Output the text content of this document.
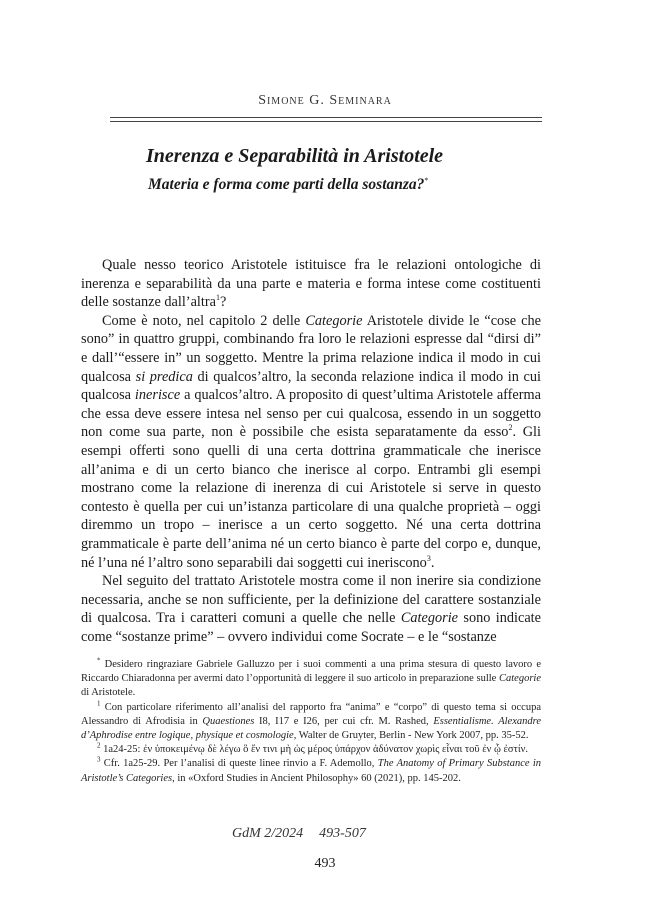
Simone G. Seminara
Inerenza e Separabilità in Aristotele
Materia e forma come parti della sostanza?*

Quale nesso teorico Aristotele istituisce fra le relazioni ontologiche di inerenza e separabilità da una parte e materia e forma intese come costituenti delle sostanze dall’altra$^1$?

Come è noto, nel capitolo 2 delle Categorie Aristotele divide le “cose che sono” in quattro gruppi, combinando fra loro le relazioni espresse dal “dirsi di” e dall’“essere in” un soggetto. Mentre la prima relazione indica il modo in cui qualcosa si predica di qualcos’altro, la seconda relazione indica il modo in cui qualcosa inerisce a qualcos’altro. A proposito di quest’ultima Aristotele afferma che essa deve essere intesa nel senso per cui qualcosa, essendo in un soggetto non come sua parte, non è possibile che esista separatamente da esso$^2$. Gli esempi offerti sono quelli di una certa dottrina grammaticale che inerisce all’anima e di un certo bianco che inerisce al corpo. Entrambi gli esempi mostrano come la relazione di inerenza di cui Aristotele si serve in questo contesto è quella per cui un’istanza particolare di una qualche proprietà – oggi diremmo un tropo – inerisce a un certo soggetto. Né una certa dottrina grammaticale è parte dell’anima né un certo bianco è parte del corpo e, dunque, né l’una né l’altro sono separabili dai soggetti cui ineriscono$^3$.

Nel seguito del trattato Aristotele mostra come il non inerire sia condizione necessaria, anche se non sufficiente, per la definizione del carattere sostanziale di qualcosa. Tra i caratteri comuni a quelle che nelle Categorie sono indicate come “sostanze prime” – ovvero individui come Socrate – e le “sostanze

* Desidero ringraziare Gabriele Galluzzo per i suoi commenti a una prima stesura di questo lavoro e Riccardo Chiaradonna per avermi dato l’opportunità di leggere il suo articolo in preparazione sulle Categorie di Aristotele.

$^1$ Con particolare riferimento all’analisi del rapporto fra “anima” e “corpo” di questo tema si occupa Alessandro di Afrodisia in Quaestiones I8, I17 e I26, per cui cfr. M. Rashed, Essentialisme. Alexandre d’Aphrodise entre logique, physique et cosmologie, Walter de Gruyter, Berlin - New York 2007, pp. 35-52.

$^2$ 1a24-25: ἐν ὑποκειμένῳ δὲ λέγω ὃ ἔν τινι μὴ ὡς μέρος ὑπάρχον ἀδύνατον χωρὶς εἶναι τοῦ ἐν ᾧ ἐστίν.

$^3$ Cfr. 1a25-29. Per l’analisi di queste linee rinvio a F. Ademollo, The Anatomy of Primary Substance in Aristotle’s Categories, in «Oxford Studies in Ancient Philosophy» 60 (2021), pp. 145-202.

GdM 2/2024 493-507
493
